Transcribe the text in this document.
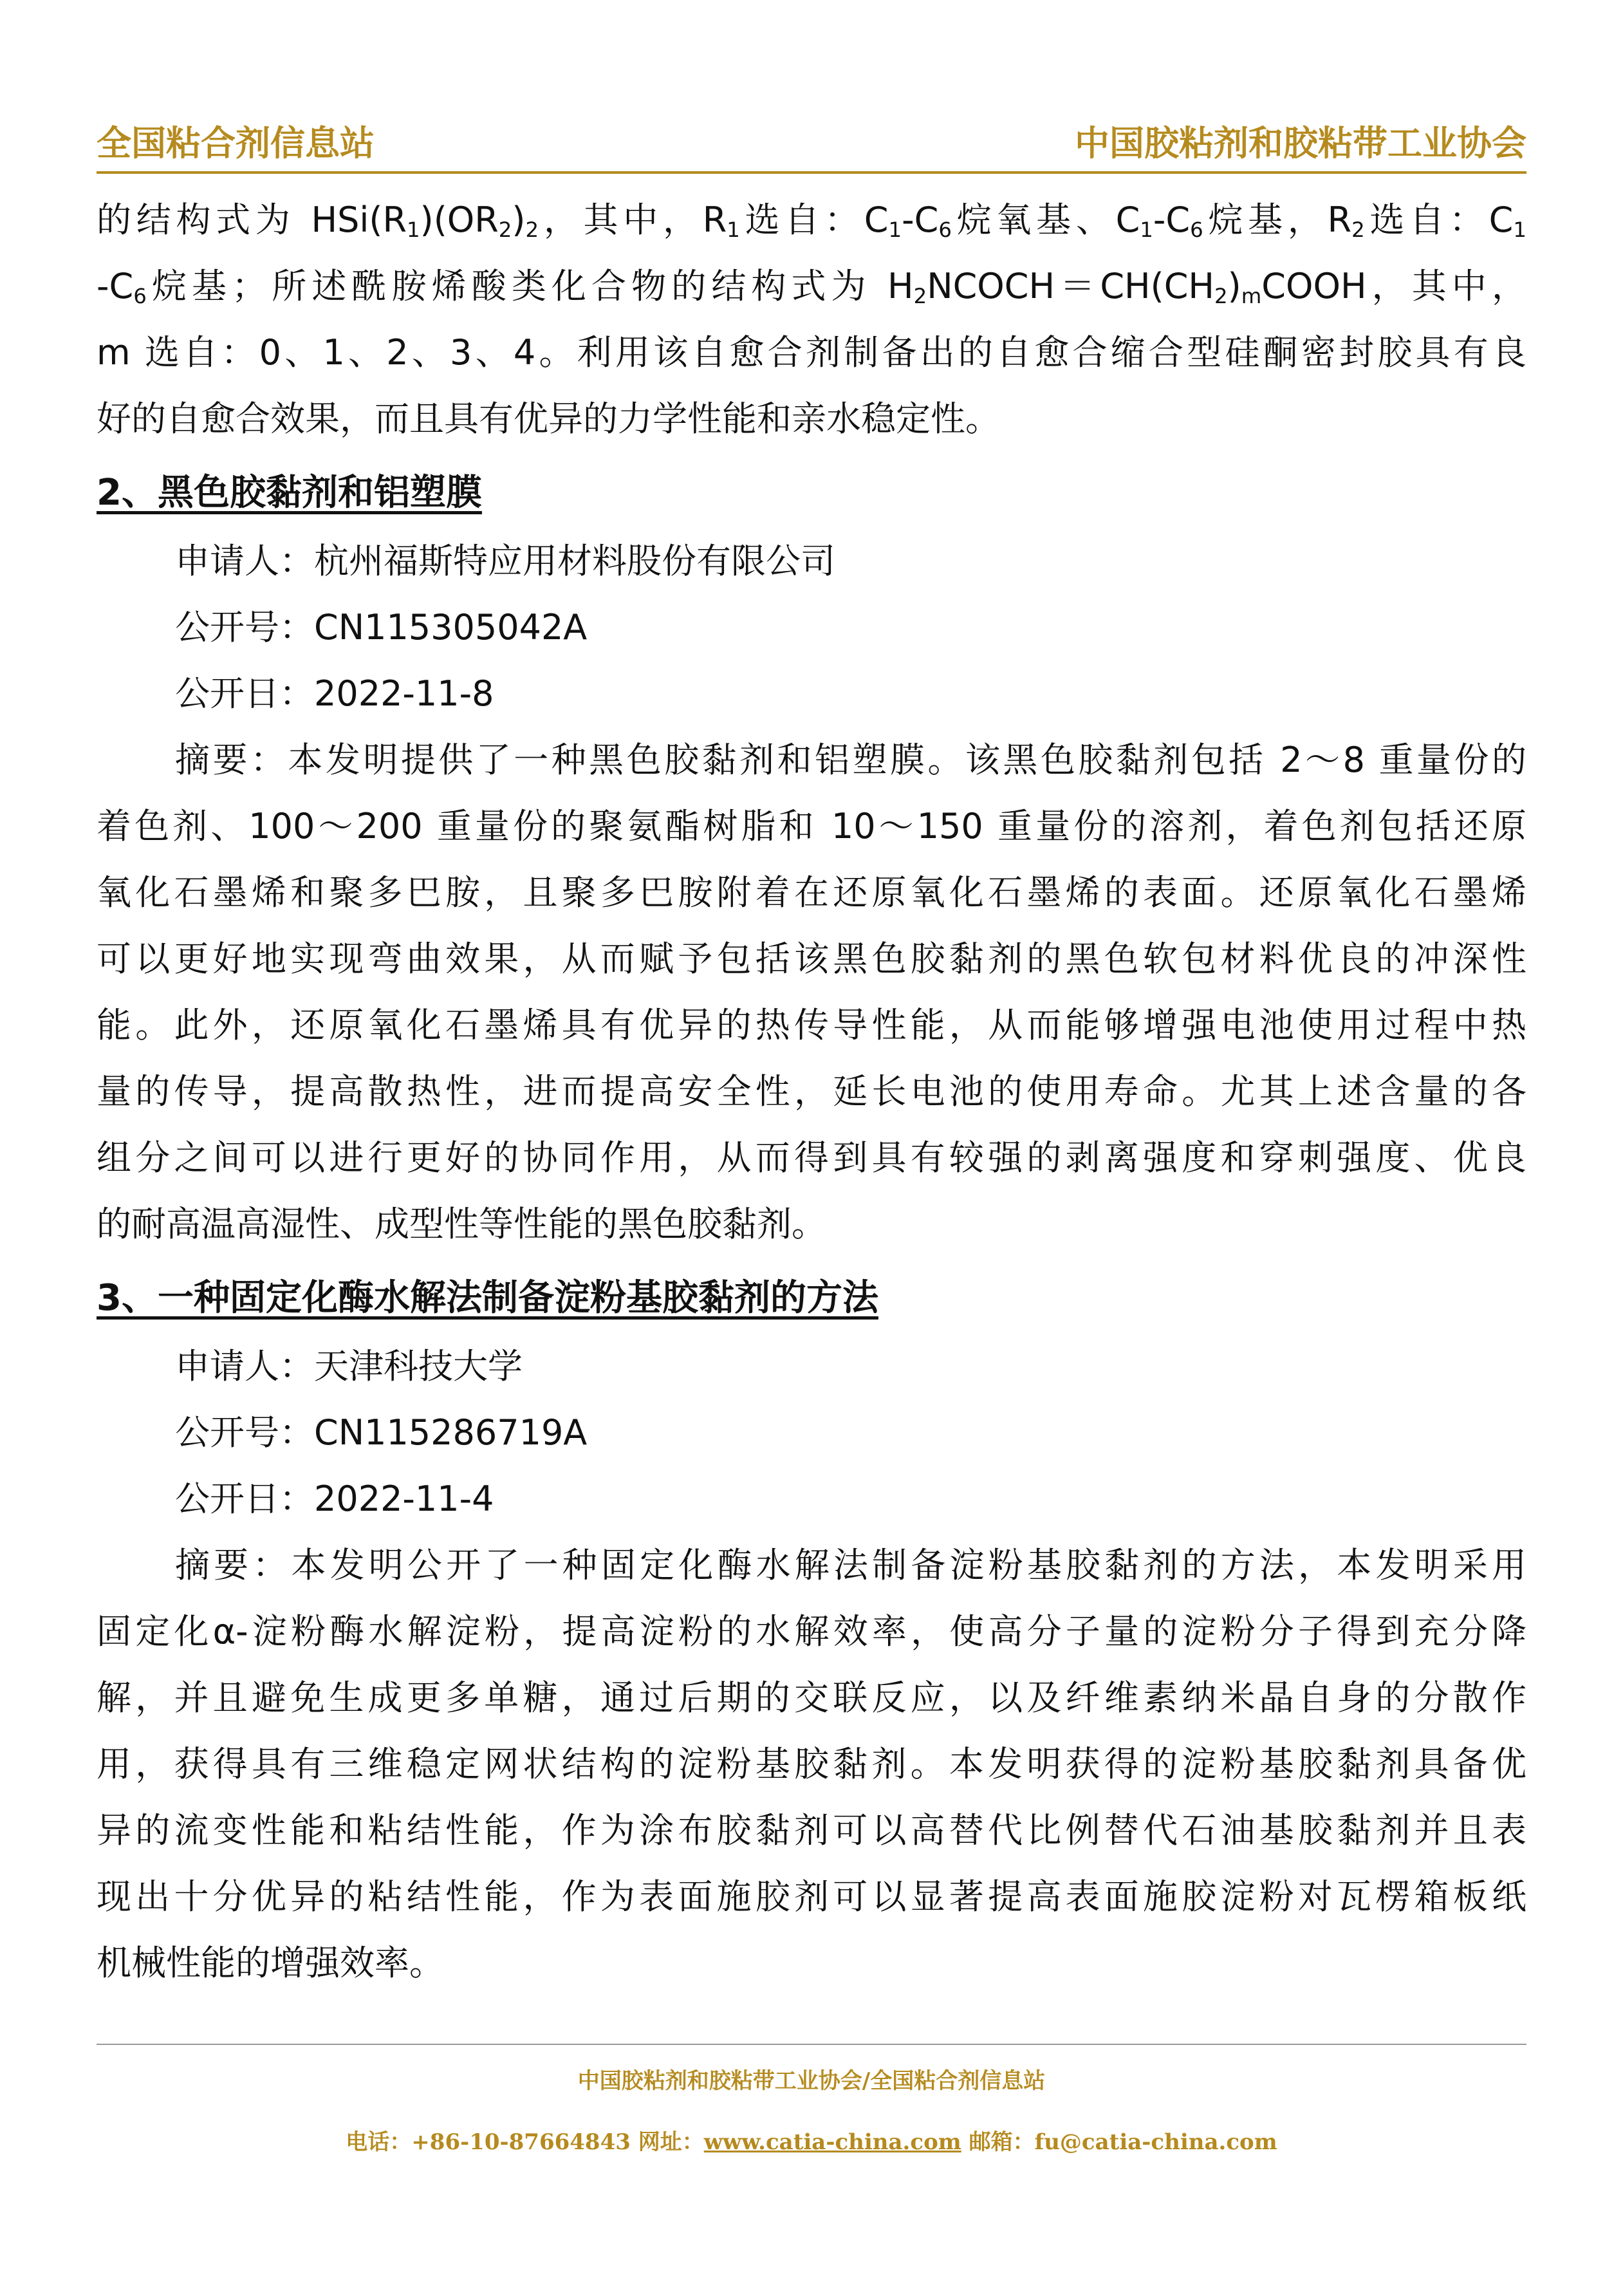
全国粘合剂信息站	中国胶粘剂和胶粘带工业协会
的结构式为 $HSi(R_1)(OR_2)_2$，其中，$R_1$选自：$C_1-C_6$烷氧基、$C_1-C_6$烷基，$R_2$选自：$C_1$
$-C_6$烷基；所述酰胺烯酸类化合物的结构式为 $H_2NCOCH=CH(CH_2)_mCOOH$，其中，
m 选自：0、1、2、3、4。利用该自愈合剂制备出的自愈合缩合型硅酮密封胶具有良
好的自愈合效果，而且具有优异的力学性能和亲水稳定性。
2、黑色胶黏剂和铝塑膜
申请人：杭州福斯特应用材料股份有限公司
公开号：CN115305042A
公开日：2022-11-8
摘要：本发明提供了一种黑色胶黏剂和铝塑膜。该黑色胶黏剂包括 2～8 重量份的
着色剂、100～200 重量份的聚氨酯树脂和 10～150 重量份的溶剂，着色剂包括还原
氧化石墨烯和聚多巴胺，且聚多巴胺附着在还原氧化石墨烯的表面。还原氧化石墨烯
可以更好地实现弯曲效果，从而赋予包括该黑色胶黏剂的黑色软包材料优良的冲深性
能。此外，还原氧化石墨烯具有优异的热传导性能，从而能够增强电池使用过程中热
量的传导，提高散热性，进而提高安全性，延长电池的使用寿命。尤其上述含量的各
组分之间可以进行更好的协同作用，从而得到具有较强的剥离强度和穿刺强度、优良
的耐高温高湿性、成型性等性能的黑色胶黏剂。
3、一种固定化酶水解法制备淀粉基胶黏剂的方法
申请人：天津科技大学
公开号：CN115286719A
公开日：2022-11-4
摘要：本发明公开了一种固定化酶水解法制备淀粉基胶黏剂的方法，本发明采用
固定化α-淀粉酶水解淀粉，提高淀粉的水解效率，使高分子量的淀粉分子得到充分降
解，并且避免生成更多单糖，通过后期的交联反应，以及纤维素纳米晶自身的分散作
用，获得具有三维稳定网状结构的淀粉基胶黏剂。本发明获得的淀粉基胶黏剂具备优
异的流变性能和粘结性能，作为涂布胶黏剂可以高替代比例替代石油基胶黏剂并且表
现出十分优异的粘结性能，作为表面施胶剂可以显著提高表面施胶淀粉对瓦楞箱板纸
机械性能的增强效率。
中国胶粘剂和胶粘带工业协会/全国粘合剂信息站
电话：+86-10-87664843 网址：www.catia-china.com 邮箱：fu@catia-china.com
